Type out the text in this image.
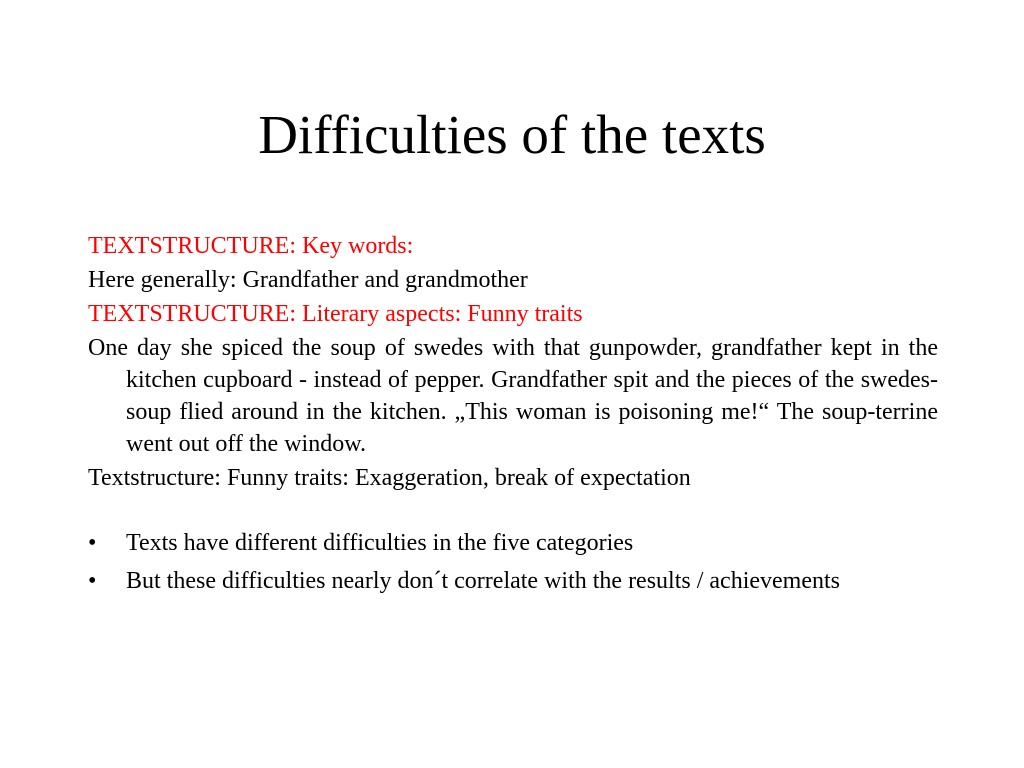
Difficulties of the texts

TEXTSTRUCTURE: Key words:

Here generally: Grandfather and grandmother

TEXTSTRUCTURE: Literary aspects: Funny traits

One day she spiced the soup of swedes with that gunpowder, grandfather kept in the kitchen cupboard - instead of pepper. Grandfather spit and the pieces of the swedes-soup flied around in the kitchen. „This woman is poisoning me!“ The soup-terrine went out off the window.

Textstructure: Funny traits: Exaggeration, break of expectation

• Texts have different difficulties in the five categories
• But these difficulties nearly don´t correlate with the results / achievements
